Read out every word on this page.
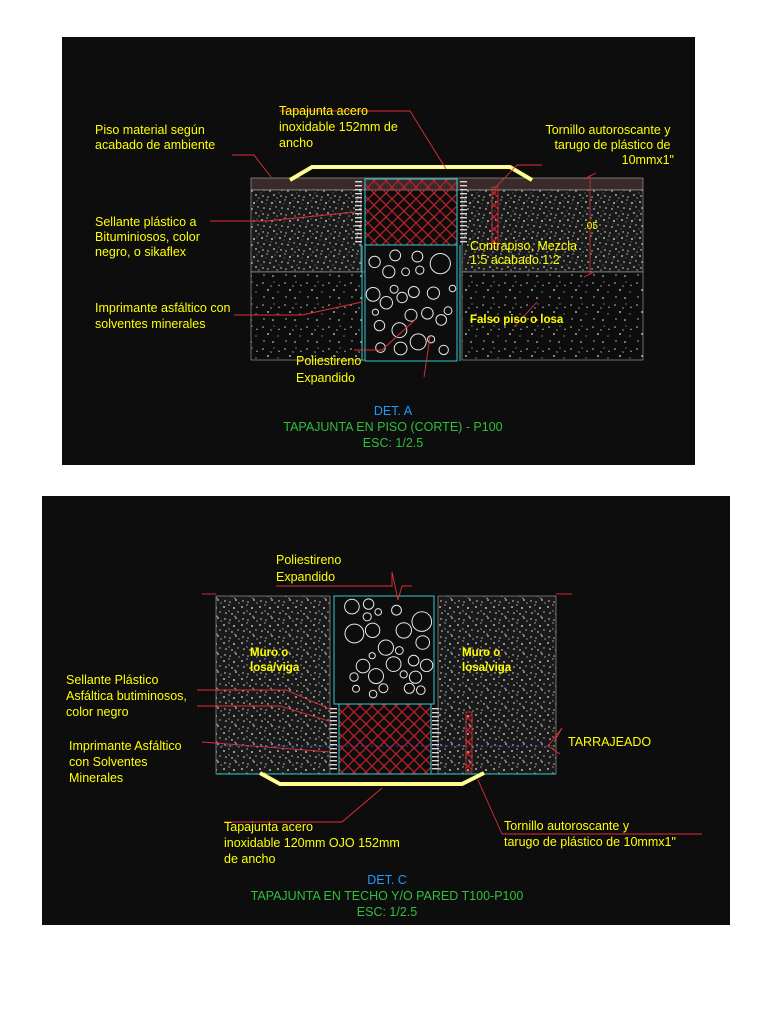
.05
Piso material según acabado de ambiente
Tapajunta acero inoxidable 152mm de ancho
Tornillo autoroscante y tarugo de plástico de 10mmx1"
Sellante plástico a Bituminiosos, color negro, o sikaflex	Contrapiso, Mezcla 1:5 acabado 1:2
Imprimante asfáltico con solventes minerales	Falso piso o losa
Poliestireno Expandido
DET. A
TAPAJUNTA EN PISO (CORTE) - P100
ESC: 1/2.5
Poliestireno Expandido
Muro o losa/viga
Muro o losa/viga
Sellante Plástico Asfáltica butiminosos, color negro
Imprimante Asfáltico con Solventes Minerales
TARRAJEADO
Tapajunta acero inoxidable 120mm OJO 152mm de ancho
Tornillo autoroscante y tarugo de plástico de 10mmx1"
DET. C
TAPAJUNTA EN TECHO Y/O PARED T100-P100
ESC: 1/2.5
